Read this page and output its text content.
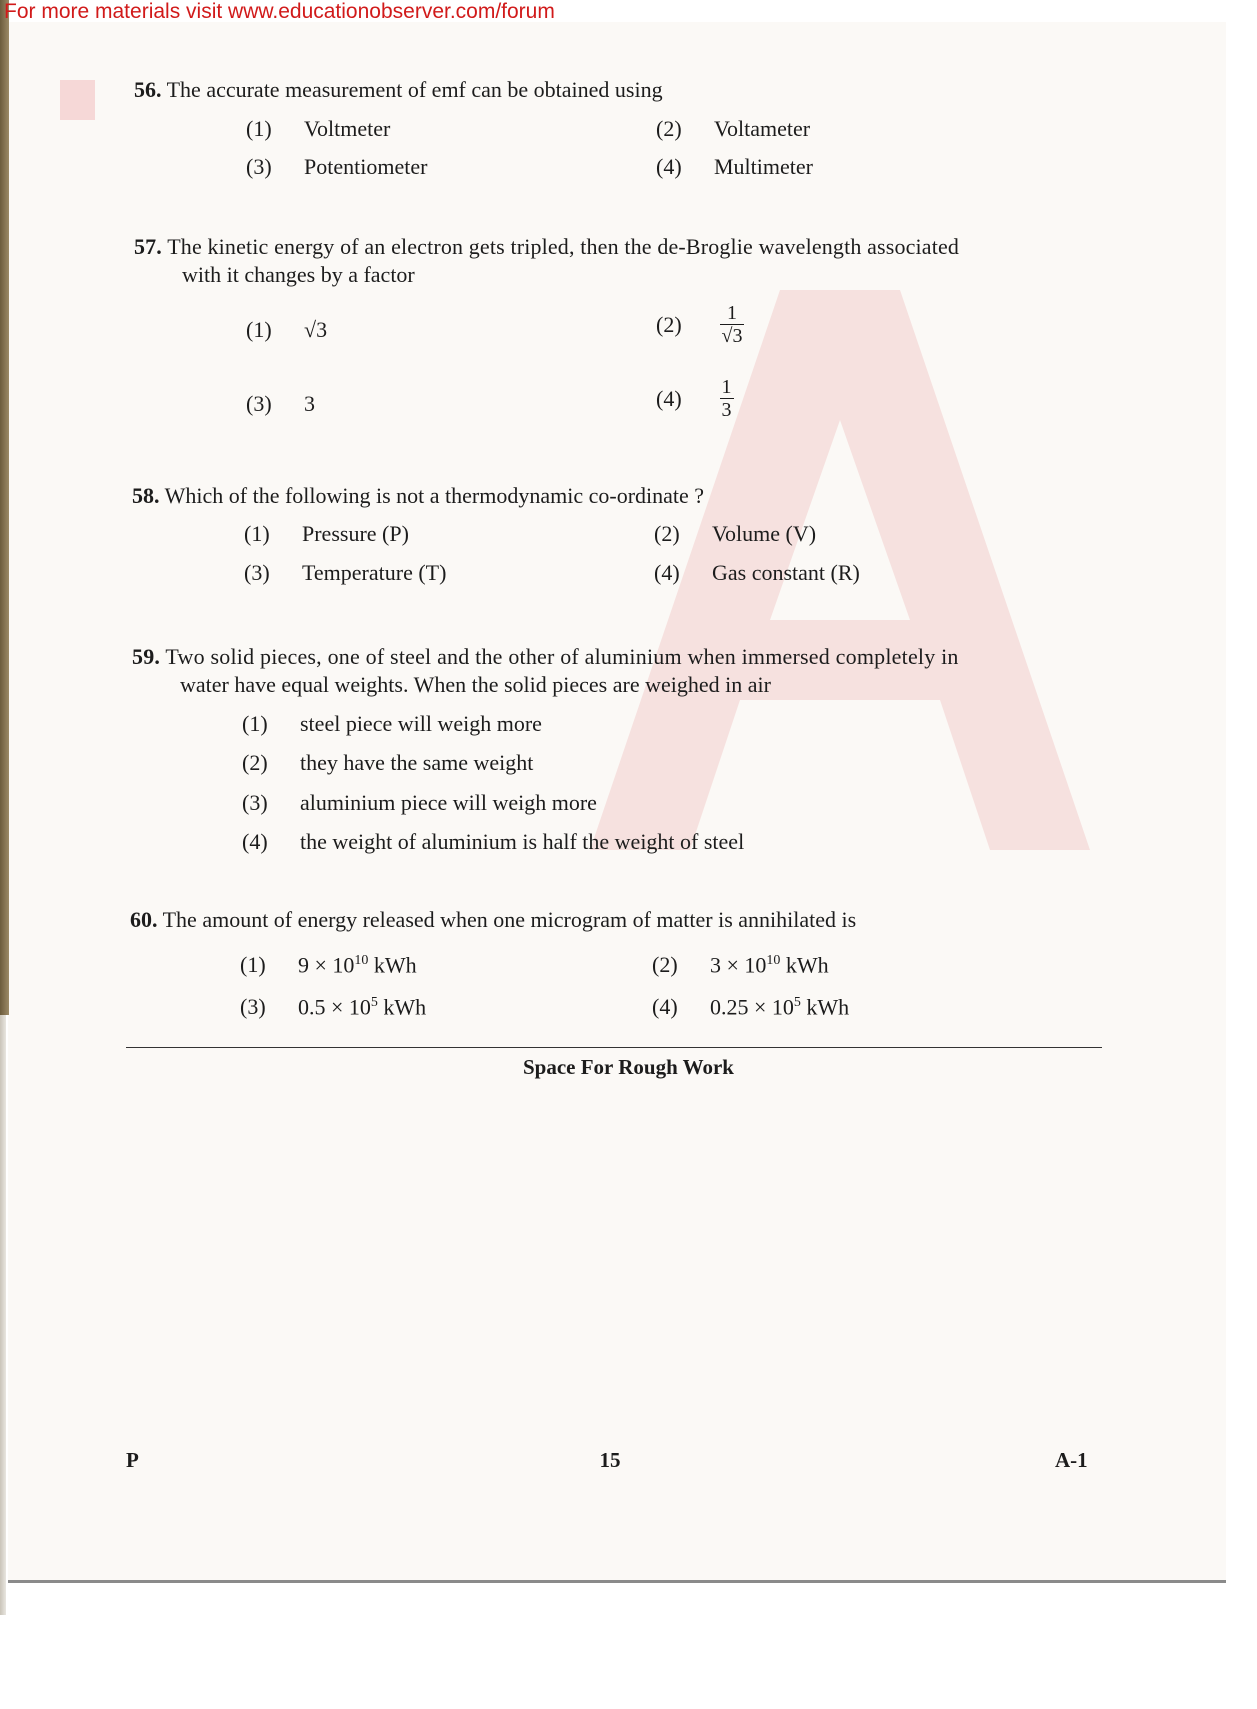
For more materials visit www.educationobserver.com/forum
56. The accurate measurement of emf can be obtained using
(1) Voltmeter	(2) Voltameter
(3) Potentiometer	(4) Multimeter
57. The kinetic energy of an electron gets tripled, then the de-Broglie wavelength associated
with it changes by a factor
(1) √3	$(2) \frac{1}{√3}$
(3) 3	$(4) \frac{1}{3}$
58. Which of the following is not a thermodynamic co-ordinate ?
(1) Pressure (P)	(2) Volume (V)
(3) Temperature (T)	(4) Gas constant (R)
59. Two solid pieces, one of steel and the other of aluminium when immersed completely in
water have equal weights. When the solid pieces are weighed in air
(1) steel piece will weigh more
(2) they have the same weight
(3) aluminium piece will weigh more
(4) the weight of aluminium is half the weight of steel
60. The amount of energy released when one microgram of matter is annihilated is
(1) $9 \times 10^{10}$ kWh	(2) $3 \times 10^{10}$ kWh
(3) $0.5 \times 10^5$ kWh	(4) $0.25 \times 10^5$ kWh
Space For Rough Work
P	15	A-1
